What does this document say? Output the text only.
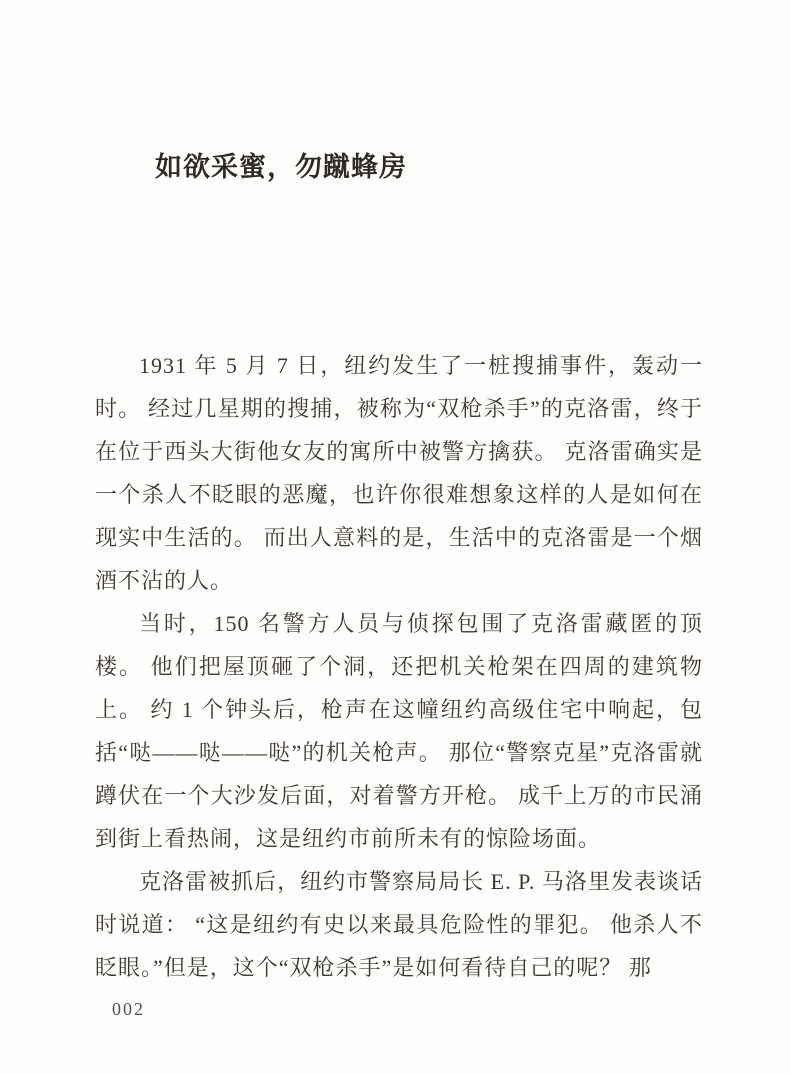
如欲采蜜，勿蹴蜂房

1931 年 5 月 7 日，纽约发生了一桩搜捕事件，轰动一时。 经过几星期的搜捕，被称为“双枪杀手”的克洛雷，终于在位于西头大街他女友的寓所中被警方擒获。 克洛雷确实是一个杀人不眨眼的恶魔，也许你很难想象这样的人是如何在现实中生活的。 而出人意料的是，生活中的克洛雷是一个烟酒不沾的人。

当时，150 名警方人员与侦探包围了克洛雷藏匿的顶楼。 他们把屋顶砸了个洞，还把机关枪架在四周的建筑物上。 约 1 个钟头后，枪声在这幢纽约高级住宅中响起，包括“哒——哒——哒”的机关枪声。 那位“警察克星”克洛雷就蹲伏在一个大沙发后面，对着警方开枪。 成千上万的市民涌到街上看热闹，这是纽约市前所未有的惊险场面。

克洛雷被抓后，纽约市警察局局长 E. P. 马洛里发表谈话时说道： “这是纽约有史以来最具危险性的罪犯。 他杀人不眨眼。”但是，这个“双枪杀手”是如何看待自己的呢？ 那

002
